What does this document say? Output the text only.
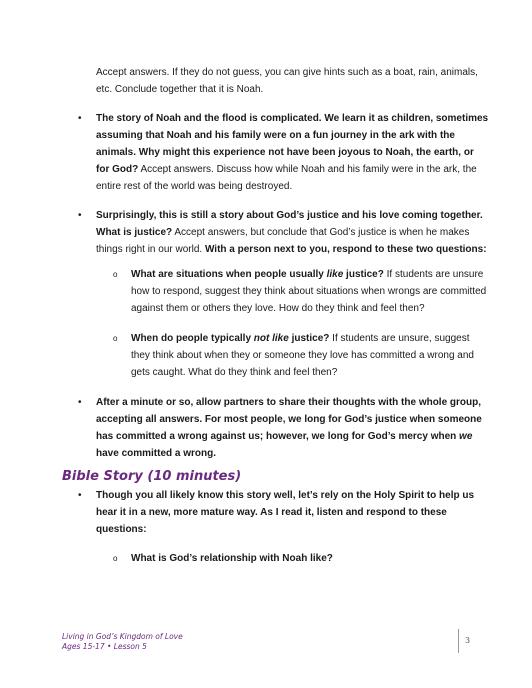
Accept answers. If they do not guess, you can give hints such as a boat, rain, animals,

etc. Conclude together that it is Noah.

• The story of Noah and the flood is complicated. We learn it as children, sometimes

assuming that Noah and his family were on a fun journey in the ark with the

animals. Why might this experience not have been joyous to Noah, the earth, or

for God? Accept answers. Discuss how while Noah and his family were in the ark, the

entire rest of the world was being destroyed.

• Surprisingly, this is still a story about God’s justice and his love coming together.

What is justice? Accept answers, but conclude that God’s justice is when he makes

things right in our world. With a person next to you, respond to these two questions:

o What are situations when people usually like justice? If students are unsure

how to respond, suggest they think about situations when wrongs are committed

against them or others they love. How do they think and feel then?

o When do people typically not like justice? If students are unsure, suggest

they think about when they or someone they love has committed a wrong and

gets caught. What do they think and feel then?

• After a minute or so, allow partners to share their thoughts with the whole group,

accepting all answers. For most people, we long for God’s justice when someone

has committed a wrong against us; however, we long for God’s mercy when we

have committed a wrong.

Bible Story (10 minutes)
• Though you all likely know this story well, let’s rely on the Holy Spirit to help us

hear it in a new, more mature way. As I read it, listen and respond to these

questions:

o What is God’s relationship with Noah like?

Living in God’s Kingdom of Love

Ages 15-17 • Lesson 5

3
